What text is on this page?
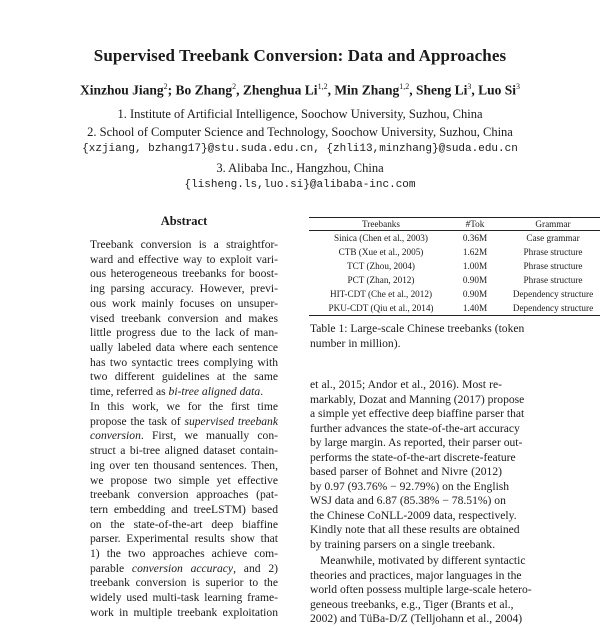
Supervised Treebank Conversion: Data and Approaches
Xinzhou Jiang$^2$; Bo Zhang$^2$, Zhenghua Li$^{1,2}$, Min Zhang$^{1,2}$, Sheng Li$^3$, Luo Si$^3$
1. Institute of Artificial Intelligence, Soochow University, Suzhou, China
2. School of Computer Science and Technology, Soochow University, Suzhou, China
{xzjiang, bzhang17}@stu.suda.edu.cn, {zhli13,minzhang}@suda.edu.cn
3. Alibaba Inc., Hangzhou, China
{lisheng.ls,luo.si}@alibaba-inc.com
Abstract
Treebank conversion is a straightfor-
ward and effective way to exploit vari-
ous heterogeneous treebanks for boost-
ing parsing accuracy. However, previ-
ous work mainly focuses on unsuper-
vised treebank conversion and makes
little progress due to the lack of man-
ually labeled data where each sentence
has two syntactic trees complying with
two different guidelines at the same
time, referred as bi-tree aligned data.
In this work, we for the first time
propose the task of supervised treebank
conversion. First, we manually con-
struct a bi-tree aligned dataset contain-
ing over ten thousand sentences. Then,
we propose two simple yet effective
treebank conversion approaches (pat-
tern embedding and treeLSTM) based
on the state-of-the-art deep biaffine
parser. Experimental results show that
1) the two approaches achieve com-
parable conversion accuracy, and 2)
treebank conversion is superior to the
widely used multi-task learning frame-
work in multiple treebank exploitation
Treebanks	#Tok	Grammar
Sinica (Chen et al., 2003)	0.36M	Case grammar
CTB (Xue et al., 2005)	1.62M	Phrase structure
TCT (Zhou, 2004)	1.00M	Phrase structure
PCT (Zhan, 2012)	0.90M	Phrase structure
HIT-CDT (Che et al., 2012)	0.90M	Dependency structure
PKU-CDT (Qiu et al., 2014)	1.40M	Dependency structure
Table 1: Large-scale Chinese treebanks (token
number in million).
et al., 2015; Andor et al., 2016). Most re-
markably, Dozat and Manning (2017) propose
a simple yet effective deep biaffine parser that
further advances the state-of-the-art accuracy
by large margin. As reported, their parser out-
performs the state-of-the-art discrete-feature
based parser of Bohnet and Nivre (2012)
by 0.97 (93.76% − 92.79%) on the English
WSJ data and 6.87 (85.38% − 78.51%) on
the Chinese CoNLL-2009 data, respectively.
Kindly note that all these results are obtained
by training parsers on a single treebank.
Meanwhile, motivated by different syntactic
theories and practices, major languages in the
world often possess multiple large-scale hetero-
geneous treebanks, e.g., Tiger (Brants et al.,
2002) and TüBa-D/Z (Telljohann et al., 2004)
